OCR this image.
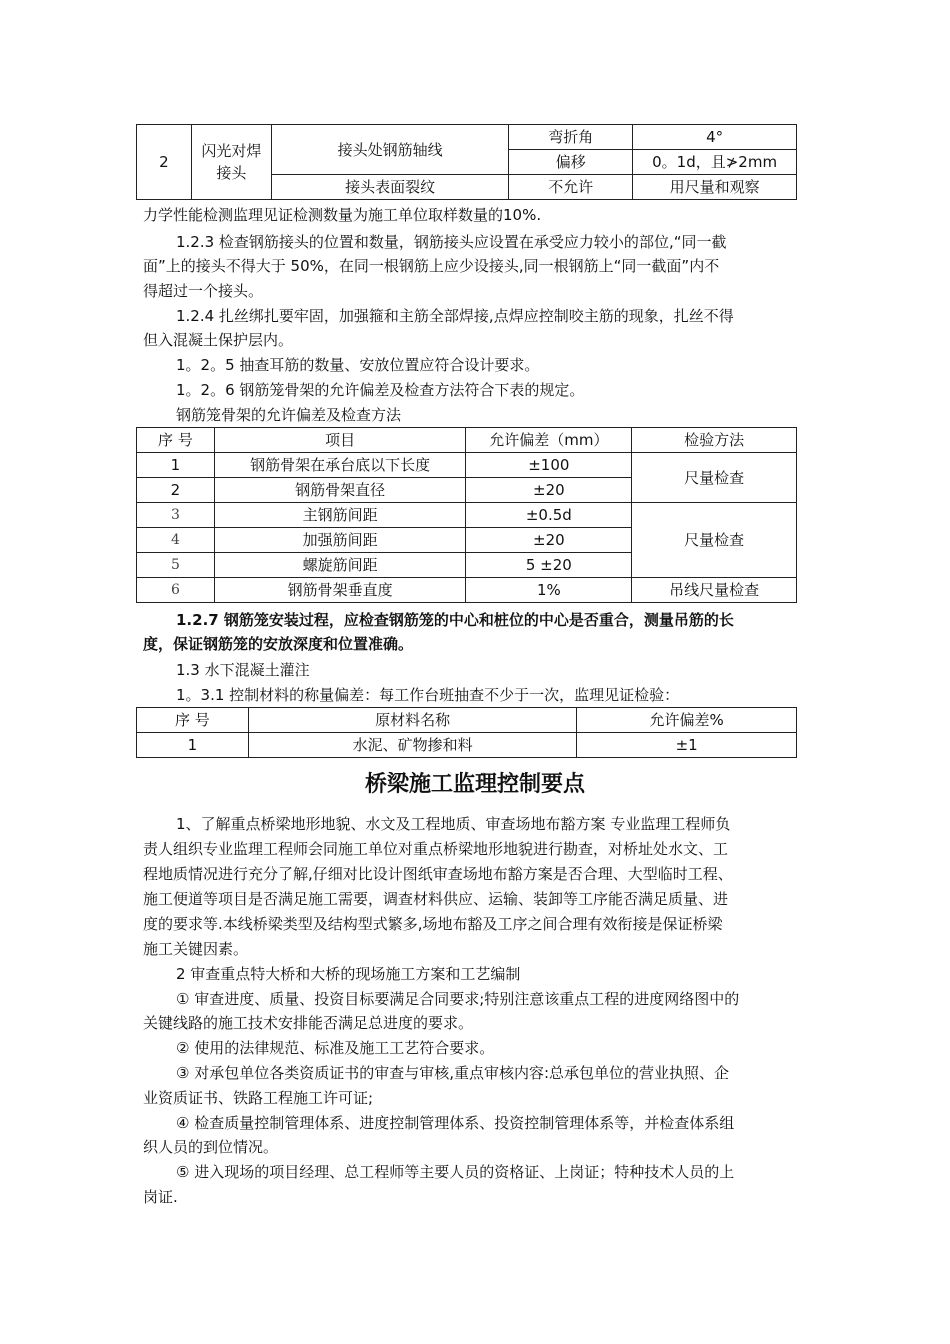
2	闪光对焊接头	接头处钢筋轴线	弯折角	4°
			偏移	0。1d，且≯2mm
		接头表面裂纹	不允许	用尺量和观察
力学性能检测监理见证检测数量为施工单位取样数量的10%.
1.2.3 检查钢筋接头的位置和数量，钢筋接头应设置在承受应力较小的部位,“同一截
面”上的接头不得大于 50%，在同一根钢筋上应少设接头,同一根钢筋上“同一截面”内不
得超过一个接头。
1.2.4 扎丝绑扎要牢固，加强箍和主筋全部焊接,点焊应控制咬主筋的现象，扎丝不得
但入混凝土保护层内。
1。2。5 抽查耳筋的数量、安放位置应符合设计要求。
1。2。6 钢筋笼骨架的允许偏差及检查方法符合下表的规定。
钢筋笼骨架的允许偏差及检查方法
序 号	项目	允许偏差（mm）	检验方法
1	钢筋骨架在承台底以下长度	±100	尺量检查
2	钢筋骨架直径	±20	
3	主钢筋间距	±0.5d	尺量检查
4	加强筋间距	±20	
5	螺旋筋间距	5 ±20	
6	钢筋骨架垂直度	1%	吊线尺量检查
1.2.7 钢筋笼安装过程，应检查钢筋笼的中心和桩位的中心是否重合，测量吊筋的长
度，保证钢筋笼的安放深度和位置准确。
1.3 水下混凝土灌注
1。3.1 控制材料的称量偏差：每工作台班抽查不少于一次，监理见证检验：
序 号	原材料名称	允许偏差%
1	水泥、矿物掺和料	±1
桥梁施工监理控制要点
1、了解重点桥梁地形地貌、水文及工程地质、审查场地布豁方案 专业监理工程师负
责人组织专业监理工程师会同施工单位对重点桥梁地形地貌进行勘查，对桥址处水文、工
程地质情况进行充分了解,仔细对比设计图纸审查场地布豁方案是否合理、大型临时工程、
施工便道等项目是否满足施工需要，调查材料供应、运输、装卸等工序能否满足质量、进
度的要求等.本线桥梁类型及结构型式繁多,场地布豁及工序之间合理有效衔接是保证桥梁
施工关键因素。
2 审查重点特大桥和大桥的现场施工方案和工艺编制
① 审查进度、质量、投资目标要满足合同要求;特别注意该重点工程的进度网络图中的
关键线路的施工技术安排能否满足总进度的要求。
② 使用的法律规范、标准及施工工艺符合要求。
③ 对承包单位各类资质证书的审查与审核,重点审核内容:总承包单位的营业执照、企
业资质证书、铁路工程施工许可证;
④ 检查质量控制管理体系、进度控制管理体系、投资控制管理体系等，并检查体系组
织人员的到位情况。
⑤ 进入现场的项目经理、总工程师等主要人员的资格证、上岗证；特种技术人员的上
岗证.
